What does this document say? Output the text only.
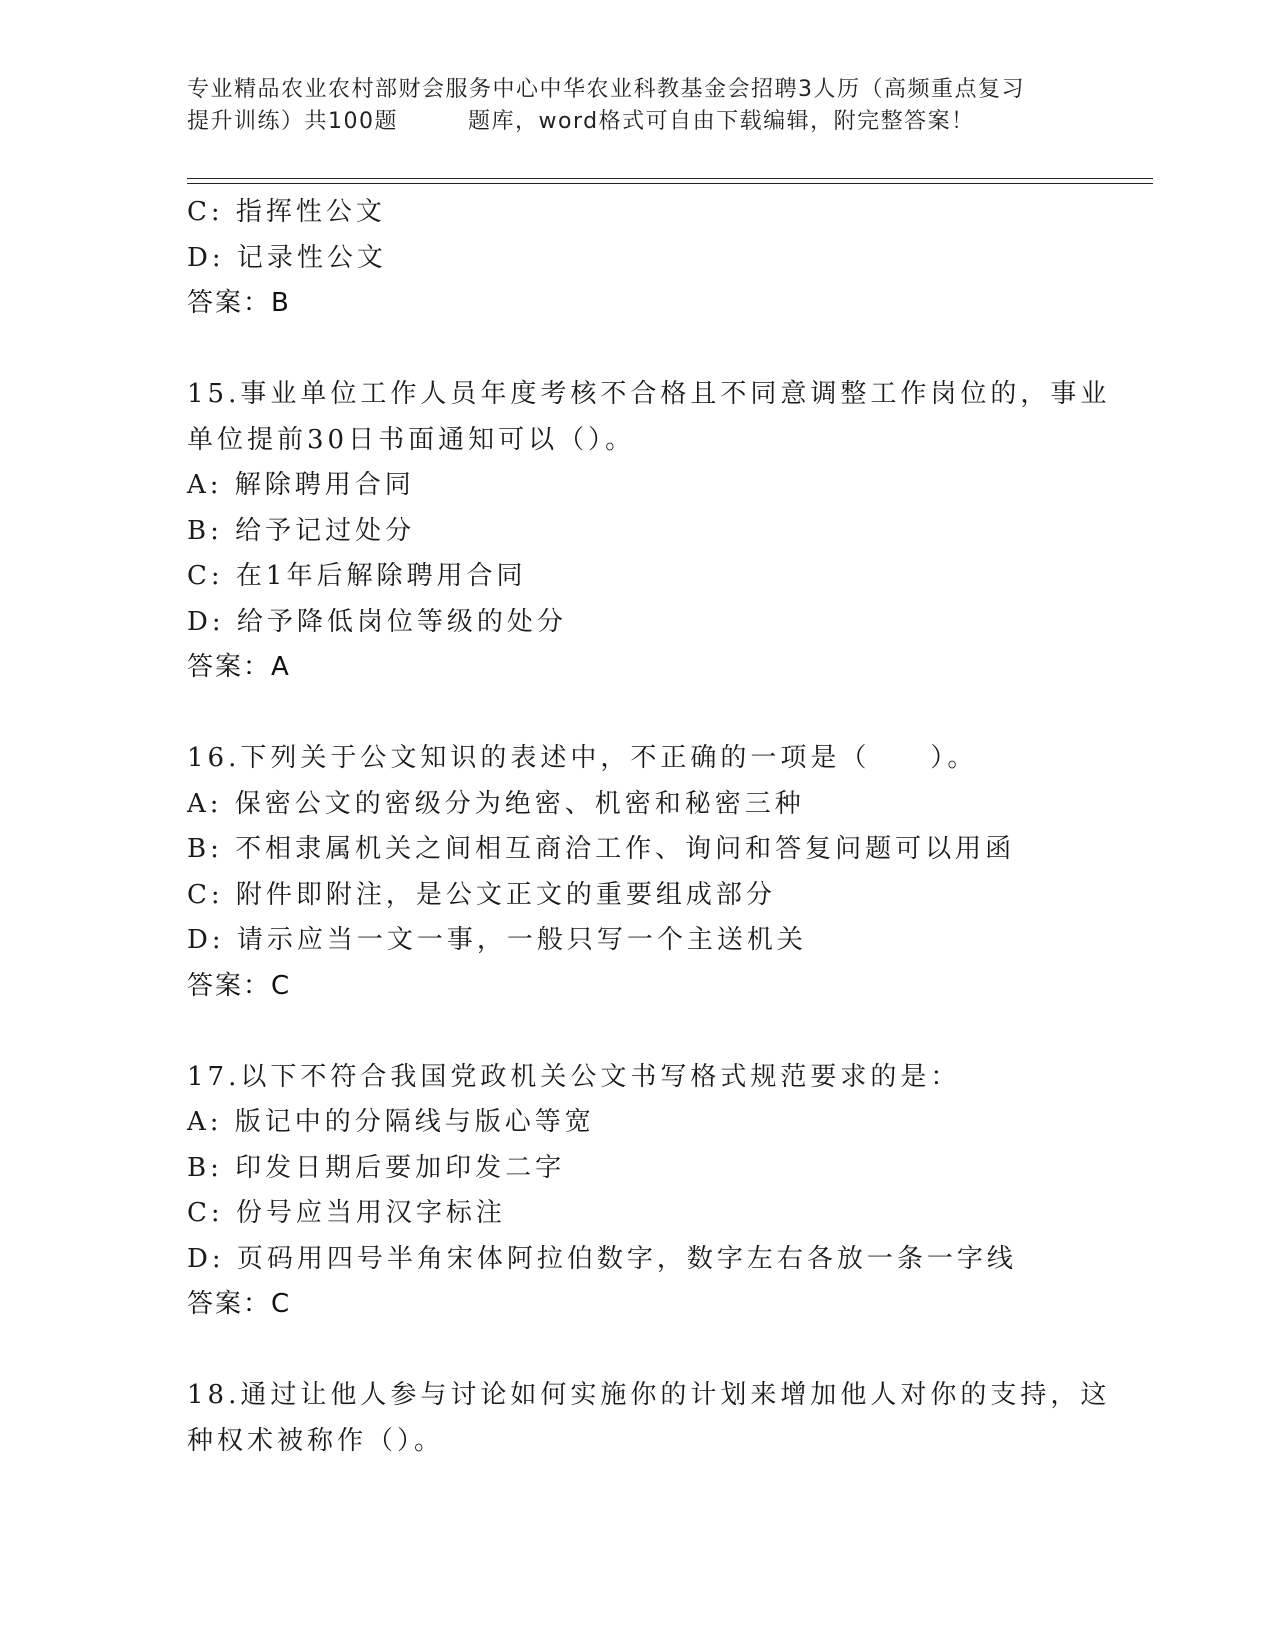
专业精品农业农村部财会服务中心中华农业科教基金会招聘3人历（高频重点复习
提升训练）共100题	题库，word格式可自由下载编辑，附完整答案！
C: 指挥性公文
D: 记录性公文
答案：B
15.事业单位工作人员年度考核不合格且不同意调整工作岗位的，事业
单位提前30日书面通知可以（）。
A: 解除聘用合同
B: 给予记过处分
C: 在1年后解除聘用合同
D: 给予降低岗位等级的处分
答案：A
16.下列关于公文知识的表述中，不正确的一项是（　　）。
A: 保密公文的密级分为绝密、机密和秘密三种
B: 不相隶属机关之间相互商洽工作、询问和答复问题可以用函
C: 附件即附注，是公文正文的重要组成部分
D: 请示应当一文一事，一般只写一个主送机关
答案：C
17.以下不符合我国党政机关公文书写格式规范要求的是：
A: 版记中的分隔线与版心等宽
B: 印发日期后要加印发二字
C: 份号应当用汉字标注
D: 页码用四号半角宋体阿拉伯数字，数字左右各放一条一字线
答案：C
18.通过让他人参与讨论如何实施你的计划来增加他人对你的支持，这
种权术被称作（）。
